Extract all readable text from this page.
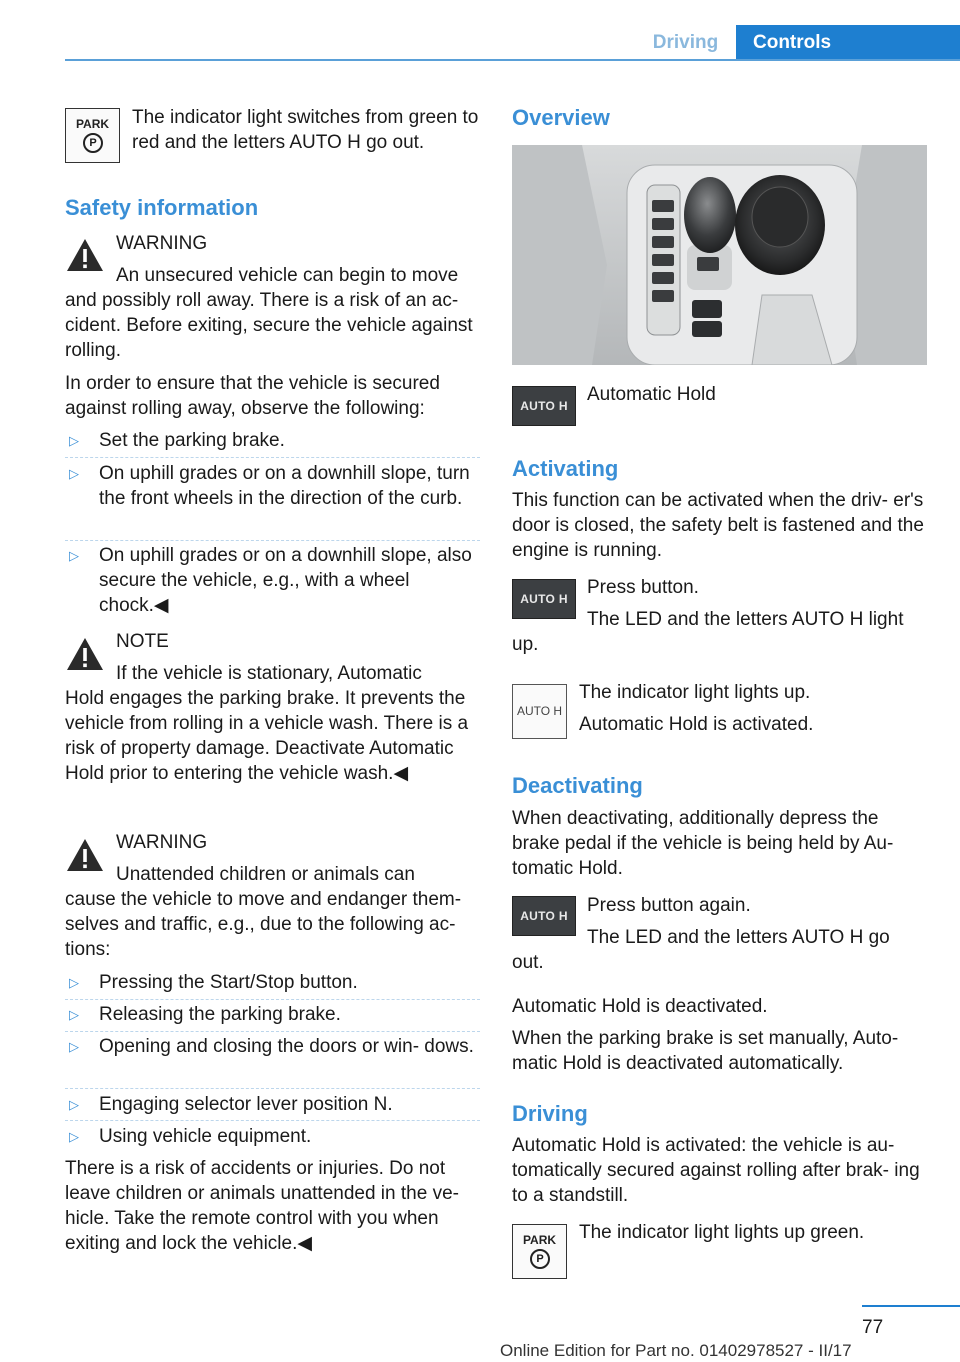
Driving	Controls
PARK
P
The indicator light switches from green to red and the letters AUTO H go out.
Safety information
WARNING
An unsecured vehicle can begin to move
and possibly roll away. There is a risk of an ac‐ cident. Before exiting, secure the vehicle against rolling.
In order to ensure that the vehicle is secured against rolling away, observe the following:
▷ Set the parking brake.
▷ On uphill grades or on a downhill slope, turn the front wheels in the direction of the curb.
▷ On uphill grades or on a downhill slope, also secure the vehicle, e.g., with a wheel chock.◀
NOTE
If the vehicle is stationary, Automatic
Hold engages the parking brake. It prevents the vehicle from rolling in a vehicle wash. There is a risk of property damage. Deactivate Automatic Hold prior to entering the vehicle wash.◀
WARNING
Unattended children or animals can
cause the vehicle to move and endanger them‐ selves and traffic, e.g., due to the following ac‐ tions:
▷ Pressing the Start/Stop button.
▷ Releasing the parking brake.
▷ Opening and closing the doors or win‐ dows.
▷ Engaging selector lever position N.
▷ Using vehicle equipment.
There is a risk of accidents or injuries. Do not leave children or animals unattended in the ve‐ hicle. Take the remote control with you when exiting and lock the vehicle.◀
Overview
AUTO H
Automatic Hold
Activating
This function can be activated when the driv‐ er's door is closed, the safety belt is fastened and the engine is running.
AUTO H
Press button.
The LED and the letters AUTO H light
up.
AUTO H
The indicator light lights up.
Automatic Hold is activated.
Deactivating
When deactivating, additionally depress the brake pedal if the vehicle is being held by Au‐ tomatic Hold.
AUTO H	Press button again.
The LED and the letters AUTO H go
out.
Automatic Hold is deactivated.
When the parking brake is set manually, Auto‐ matic Hold is deactivated automatically.
Driving
Automatic Hold is activated: the vehicle is au‐ tomatically secured against rolling after brak‐ ing to a standstill.
PARK
P
The indicator light lights up green.
77
Online Edition for Part no. 01402978527 - II/17
